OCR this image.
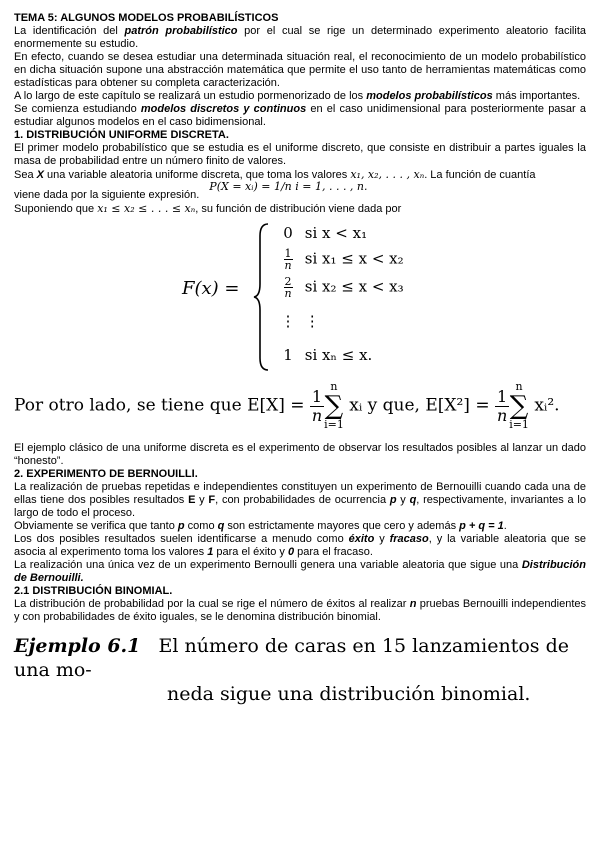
TEMA 5: ALGUNOS MODELOS PROBABILÍSTICOS

La identificación del patrón probabilístico por el cual se rige un determinado experimento aleatorio facilita enormemente su estudio.

En efecto, cuando se desea estudiar una determinada situación real, el reconocimiento de un modelo probabilístico en dicha situación supone una abstracción matemática que permite el uso tanto de herramientas matemáticas como estadísticas para obtener su completa caracterización.

A lo largo de este capítulo se realizará un estudio pormenorizado de los modelos probabilísticos más importantes.

Se comienza estudiando modelos discretos y continuos en el caso unidimensional para posteriormente pasar a estudiar algunos modelos en el caso bidimensional.

1. DISTRIBUCIÓN UNIFORME DISCRETA.

El primer modelo probabilístico que se estudia es el uniforme discreto, que consiste en distribuir a partes iguales la masa de probabilidad entre un número finito de valores.

Sea X una variable aleatoria uniforme discreta, que toma los valores x₁, x₂, . . . , xₙ. La función de cuantía

viene dada por la siguiente expresión.P(X = xᵢ) = 1/n i = 1, . . . , n.

Suponiendo que x₁ ≤ x₂ ≤ . . . ≤ xₙ, su función de distribución viene dada por

F(x) =
0 si x < x₁
$\frac{1}{n}$ si x₁ ≤ x < x₂
$\frac{2}{n}$ si x₂ ≤ x < x₃
⋮ ⋮
1 si xₙ ≤ x.
Por otro lado, se tiene que $E[X] = \frac{1}{n}$
n
∑
i=1 xᵢ y que, $E[X^2] = \frac{1}{n}$
n
∑
i=1 xᵢ².

El ejemplo clásico de una uniforme discreta es el experimento de observar los resultados posibles al lanzar un dado “honesto”.

2. EXPERIMENTO DE BERNOUILLI.

La realización de pruebas repetidas e independientes constituyen un experimento de Bernouilli cuando cada una de ellas tiene dos posibles resultados E y F, con probabilidades de ocurrencia p y q, respectivamente, invariantes a lo largo de todo el proceso.

Obviamente se verifica que tanto p como q son estrictamente mayores que cero y además p + q = 1.

Los dos posibles resultados suelen identificarse a menudo como éxito y fracaso, y la variable aleatoria que se asocia al experimento toma los valores 1 para el éxito y 0 para el fracaso.

La realización una única vez de un experimento Bernoulli genera una variable aleatoria que sigue una Distribución de Bernouilli.

2.1 DISTRIBUCIÓN BINOMIAL.

La distribución de probabilidad por la cual se rige el número de éxitos al realizar n pruebas Bernouilli independientes y con probabilidades de éxito iguales, se le denomina distribución binomial.

Ejemplo 6.1 El número de caras en 15 lanzamientos de una mo-
neda sigue una distribución binomial.
